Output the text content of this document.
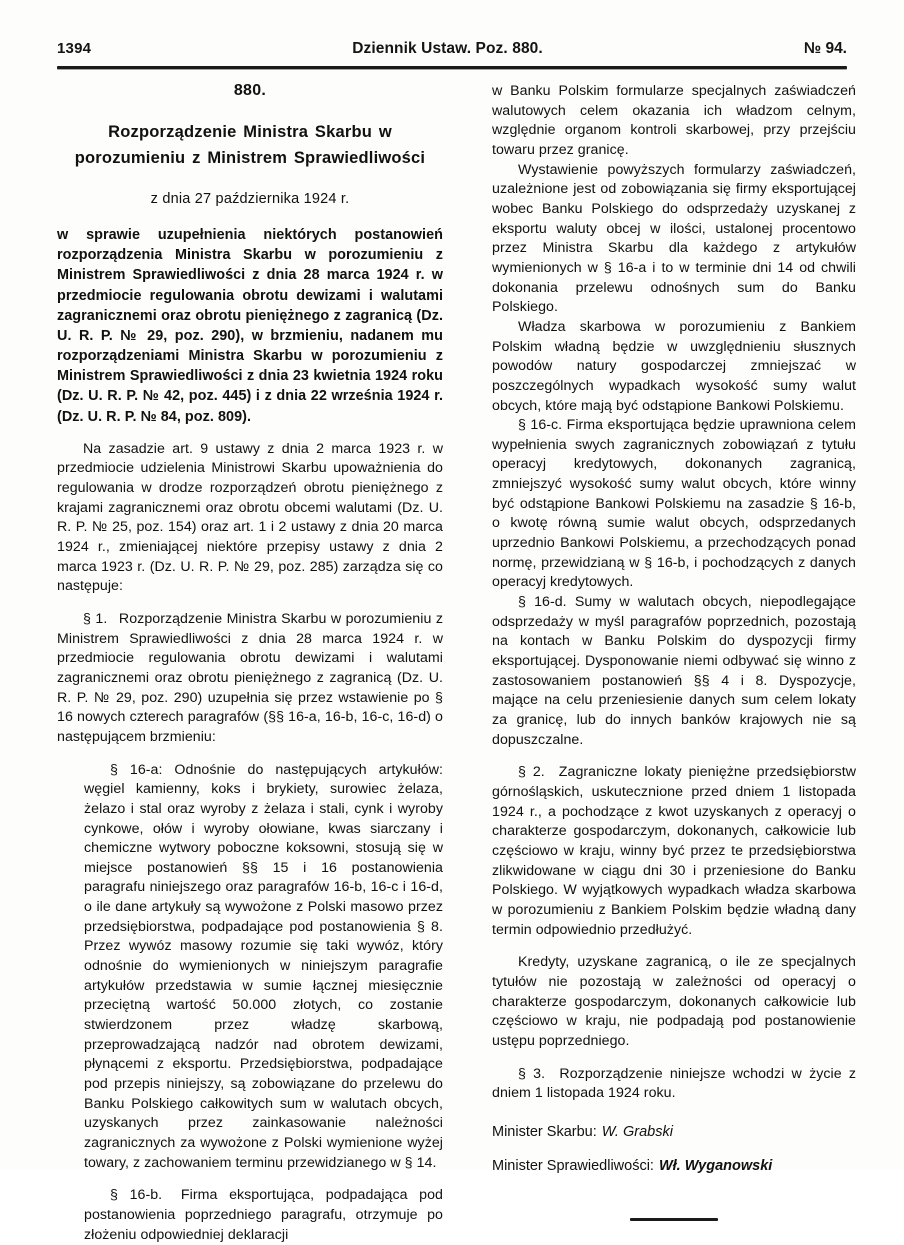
1394	Dziennik Ustaw. Poz. 880.	№ 94.
880.
Rozporządzenie Ministra Skarbu w porozumieniu z Ministrem Sprawiedliwości
z dnia 27 października 1924 r.

w sprawie uzupełnienia niektórych postanowień rozporządzenia Ministra Skarbu w porozumieniu z Ministrem Sprawiedliwości z dnia 28 marca 1924 r. w przedmiocie regulowania obrotu dewizami i walutami zagranicznemi oraz obrotu pieniężnego z zagranicą (Dz. U. R. P. № 29, poz. 290), w brzmieniu, nadanem mu rozporządzeniami Ministra Skarbu w porozumieniu z Ministrem Sprawiedliwości z dnia 23 kwietnia 1924 roku (Dz. U. R. P. № 42, poz. 445) i z dnia 22 września 1924 r. (Dz. U. R. P. № 84, poz. 809).

Na zasadzie art. 9 ustawy z dnia 2 marca 1923 r. w przedmiocie udzielenia Ministrowi Skarbu upoważnienia do regulowania w drodze rozporządzeń obrotu pieniężnego z krajami zagranicznemi oraz obrotu obcemi walutami (Dz. U. R. P. № 25, poz. 154) oraz art. 1 i 2 ustawy z dnia 20 marca 1924 r., zmieniającej niektóre przepisy ustawy z dnia 2 marca 1923 r. (Dz. U. R. P. № 29, poz. 285) zarządza się co następuje:

§ 1.  Rozporządzenie Ministra Skarbu w porozumieniu z Ministrem Sprawiedliwości z dnia 28 marca 1924 r. w przedmiocie regulowania obrotu dewizami i walutami zagranicznemi oraz obrotu pieniężnego z zagranicą (Dz. U. R. P. № 29, poz. 290) uzupełnia się przez wstawienie po § 16 nowych czterech paragrafów (§§ 16-a, 16-b, 16-c, 16-d) o następującem brzmieniu:

§ 16-a: Odnośnie do następujących artykułów: węgiel kamienny, koks i brykiety, surowiec żelaza, żelazo i stal oraz wyroby z żelaza i stali, cynk i wyroby cynkowe, ołów i wyroby ołowiane, kwas siarczany i chemiczne wytwory poboczne koksowni, stosują się w miejsce postanowień §§ 15 i 16 postanowienia paragrafu niniejszego oraz paragrafów 16-b, 16-c i 16-d, o ile dane artykuły są wywożone z Polski masowo przez przedsiębiorstwa, podpadające pod postanowienia § 8. Przez wywóz masowy rozumie się taki wywóz, który odnośnie do wymienionych w niniejszym paragrafie artykułów przedstawia w sumie łącznej miesięcznie przeciętną wartość 50.000 złotych, co zostanie stwierdzonem przez władzę skarbową, przeprowadzającą nadzór nad obrotem dewizami, płynącemi z eksportu. Przedsiębiorstwa, podpadające pod przepis niniejszy, są zobowiązane do przelewu do Banku Polskiego całkowitych sum w walutach obcych, uzyskanych przez zainkasowanie należności zagranicznych za wywożone z Polski wymienione wyżej towary, z zachowaniem terminu przewidzianego w § 14.

§ 16-b.  Firma eksportująca, podpadająca pod postanowienia poprzedniego paragrafu, otrzymuje po złożeniu odpowiedniej deklaracji

w Banku Polskim formularze specjalnych zaświadczeń walutowych celem okazania ich władzom celnym, względnie organom kontroli skarbowej, przy przejściu towaru przez granicę.

Wystawienie powyższych formularzy zaświadczeń, uzależnione jest od zobowiązania się firmy eksportującej wobec Banku Polskiego do odsprzedaży uzyskanej z eksportu waluty obcej w ilości, ustalonej procentowo przez Ministra Skarbu dla każdego z artykułów wymienionych w § 16-a i to w terminie dni 14 od chwili dokonania przelewu odnośnych sum do Banku Polskiego.

Władza skarbowa w porozumieniu z Bankiem Polskim władną będzie w uwzględnieniu słusznych powodów natury gospodarczej zmniejszać w poszczególnych wypadkach wysokość sumy walut obcych, które mają być odstąpione Bankowi Polskiemu.

§ 16-c. Firma eksportująca będzie uprawniona celem wypełnienia swych zagranicznych zobowiązań z tytułu operacyj kredytowych, dokonanych zagranicą, zmniejszyć wysokość sumy walut obcych, które winny być odstąpione Bankowi Polskiemu na zasadzie § 16-b, o kwotę równą sumie walut obcych, odsprzedanych uprzednio Bankowi Polskiemu, a przechodzących ponad normę, przewidzianą w § 16-b, i pochodzących z danych operacyj kredytowych.

§ 16-d. Sumy w walutach obcych, niepodlegające odsprzedaży w myśl paragrafów poprzednich, pozostają na kontach w Banku Polskim do dyspozycji firmy eksportującej. Dysponowanie niemi odbywać się winno z zastosowaniem postanowień §§ 4 i 8. Dyspozycje, mające na celu przeniesienie danych sum celem lokaty za granicę, lub do innych banków krajowych nie są dopuszczalne.

§ 2.  Zagraniczne lokaty pieniężne przedsiębiorstw górnośląskich, uskutecznione przed dniem 1 listopada 1924 r., a pochodzące z kwot uzyskanych z operacyj o charakterze gospodarczym, dokonanych, całkowicie lub częściowo w kraju, winny być przez te przedsiębiorstwa zlikwidowane w ciągu dni 30 i przeniesione do Banku Polskiego. W wyjątkowych wypadkach władza skarbowa w porozumieniu z Bankiem Polskim będzie władną dany termin odpowiednio przedłużyć.

Kredyty, uzyskane zagranicą, o ile ze specjalnych tytułów nie pozostają w zależności od operacyj o charakterze gospodarczym, dokonanych całkowicie lub częściowo w kraju, nie podpadają pod postanowienie ustępu poprzedniego.

§ 3.  Rozporządzenie niniejsze wchodzi w życie z dniem 1 listopada 1924 roku.

Minister Skarbu: W. Grabski

Minister Sprawiedliwości: Wł. Wyganowski
